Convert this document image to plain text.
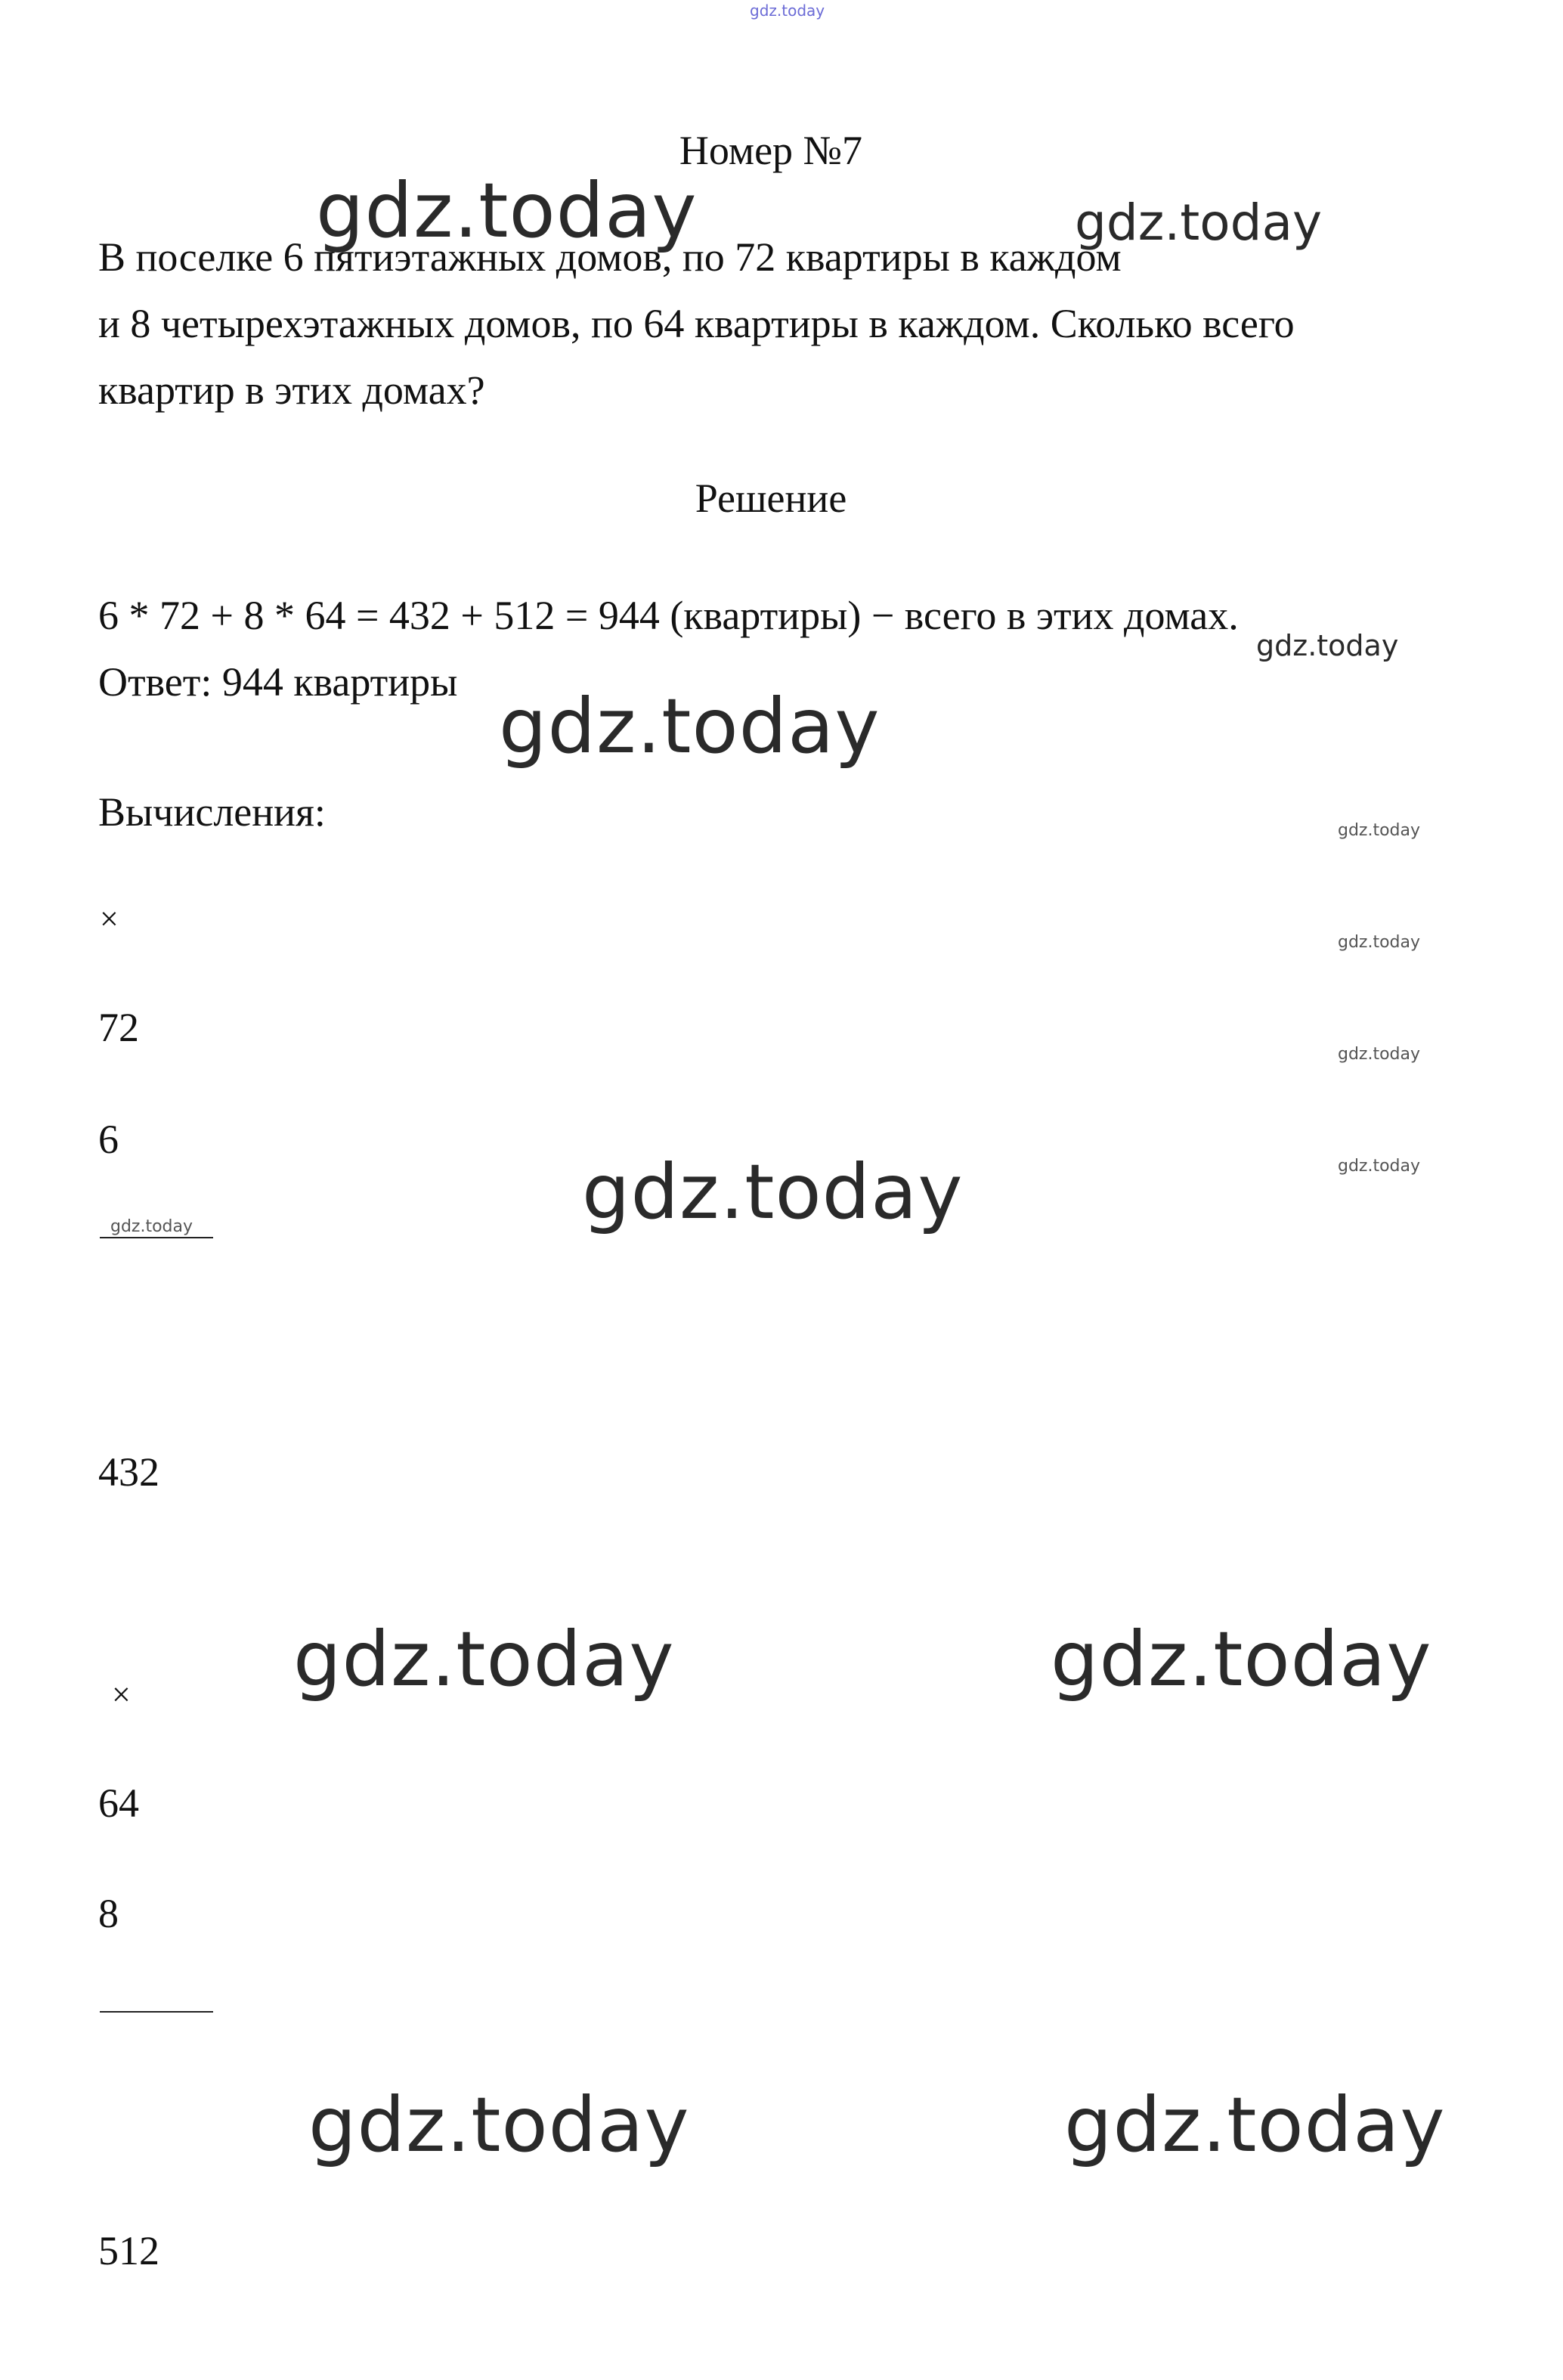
gdz.today
Номер №7
В поселке 6 пятиэтажных домов, по 72 квартиры в каждом
и 8 четырехэтажных домов, по 64 квартиры в каждом. Сколько всего
квартир в этих домах?
Решение
6 * 72 + 8 * 64 = 432 + 512 = 944 (квартиры) − всего в этих домах.
Ответ: 944 квартиры
Вычисления:
×
72
6
432
×
64
8
512
gdz.today	gdz.today
gdz.today
gdz.today
gdz.today
gdz.today
gdz.today
gdz.today
gdz.today
gdz.today
gdz.today	gdz.today
gdz.today	gdz.today
